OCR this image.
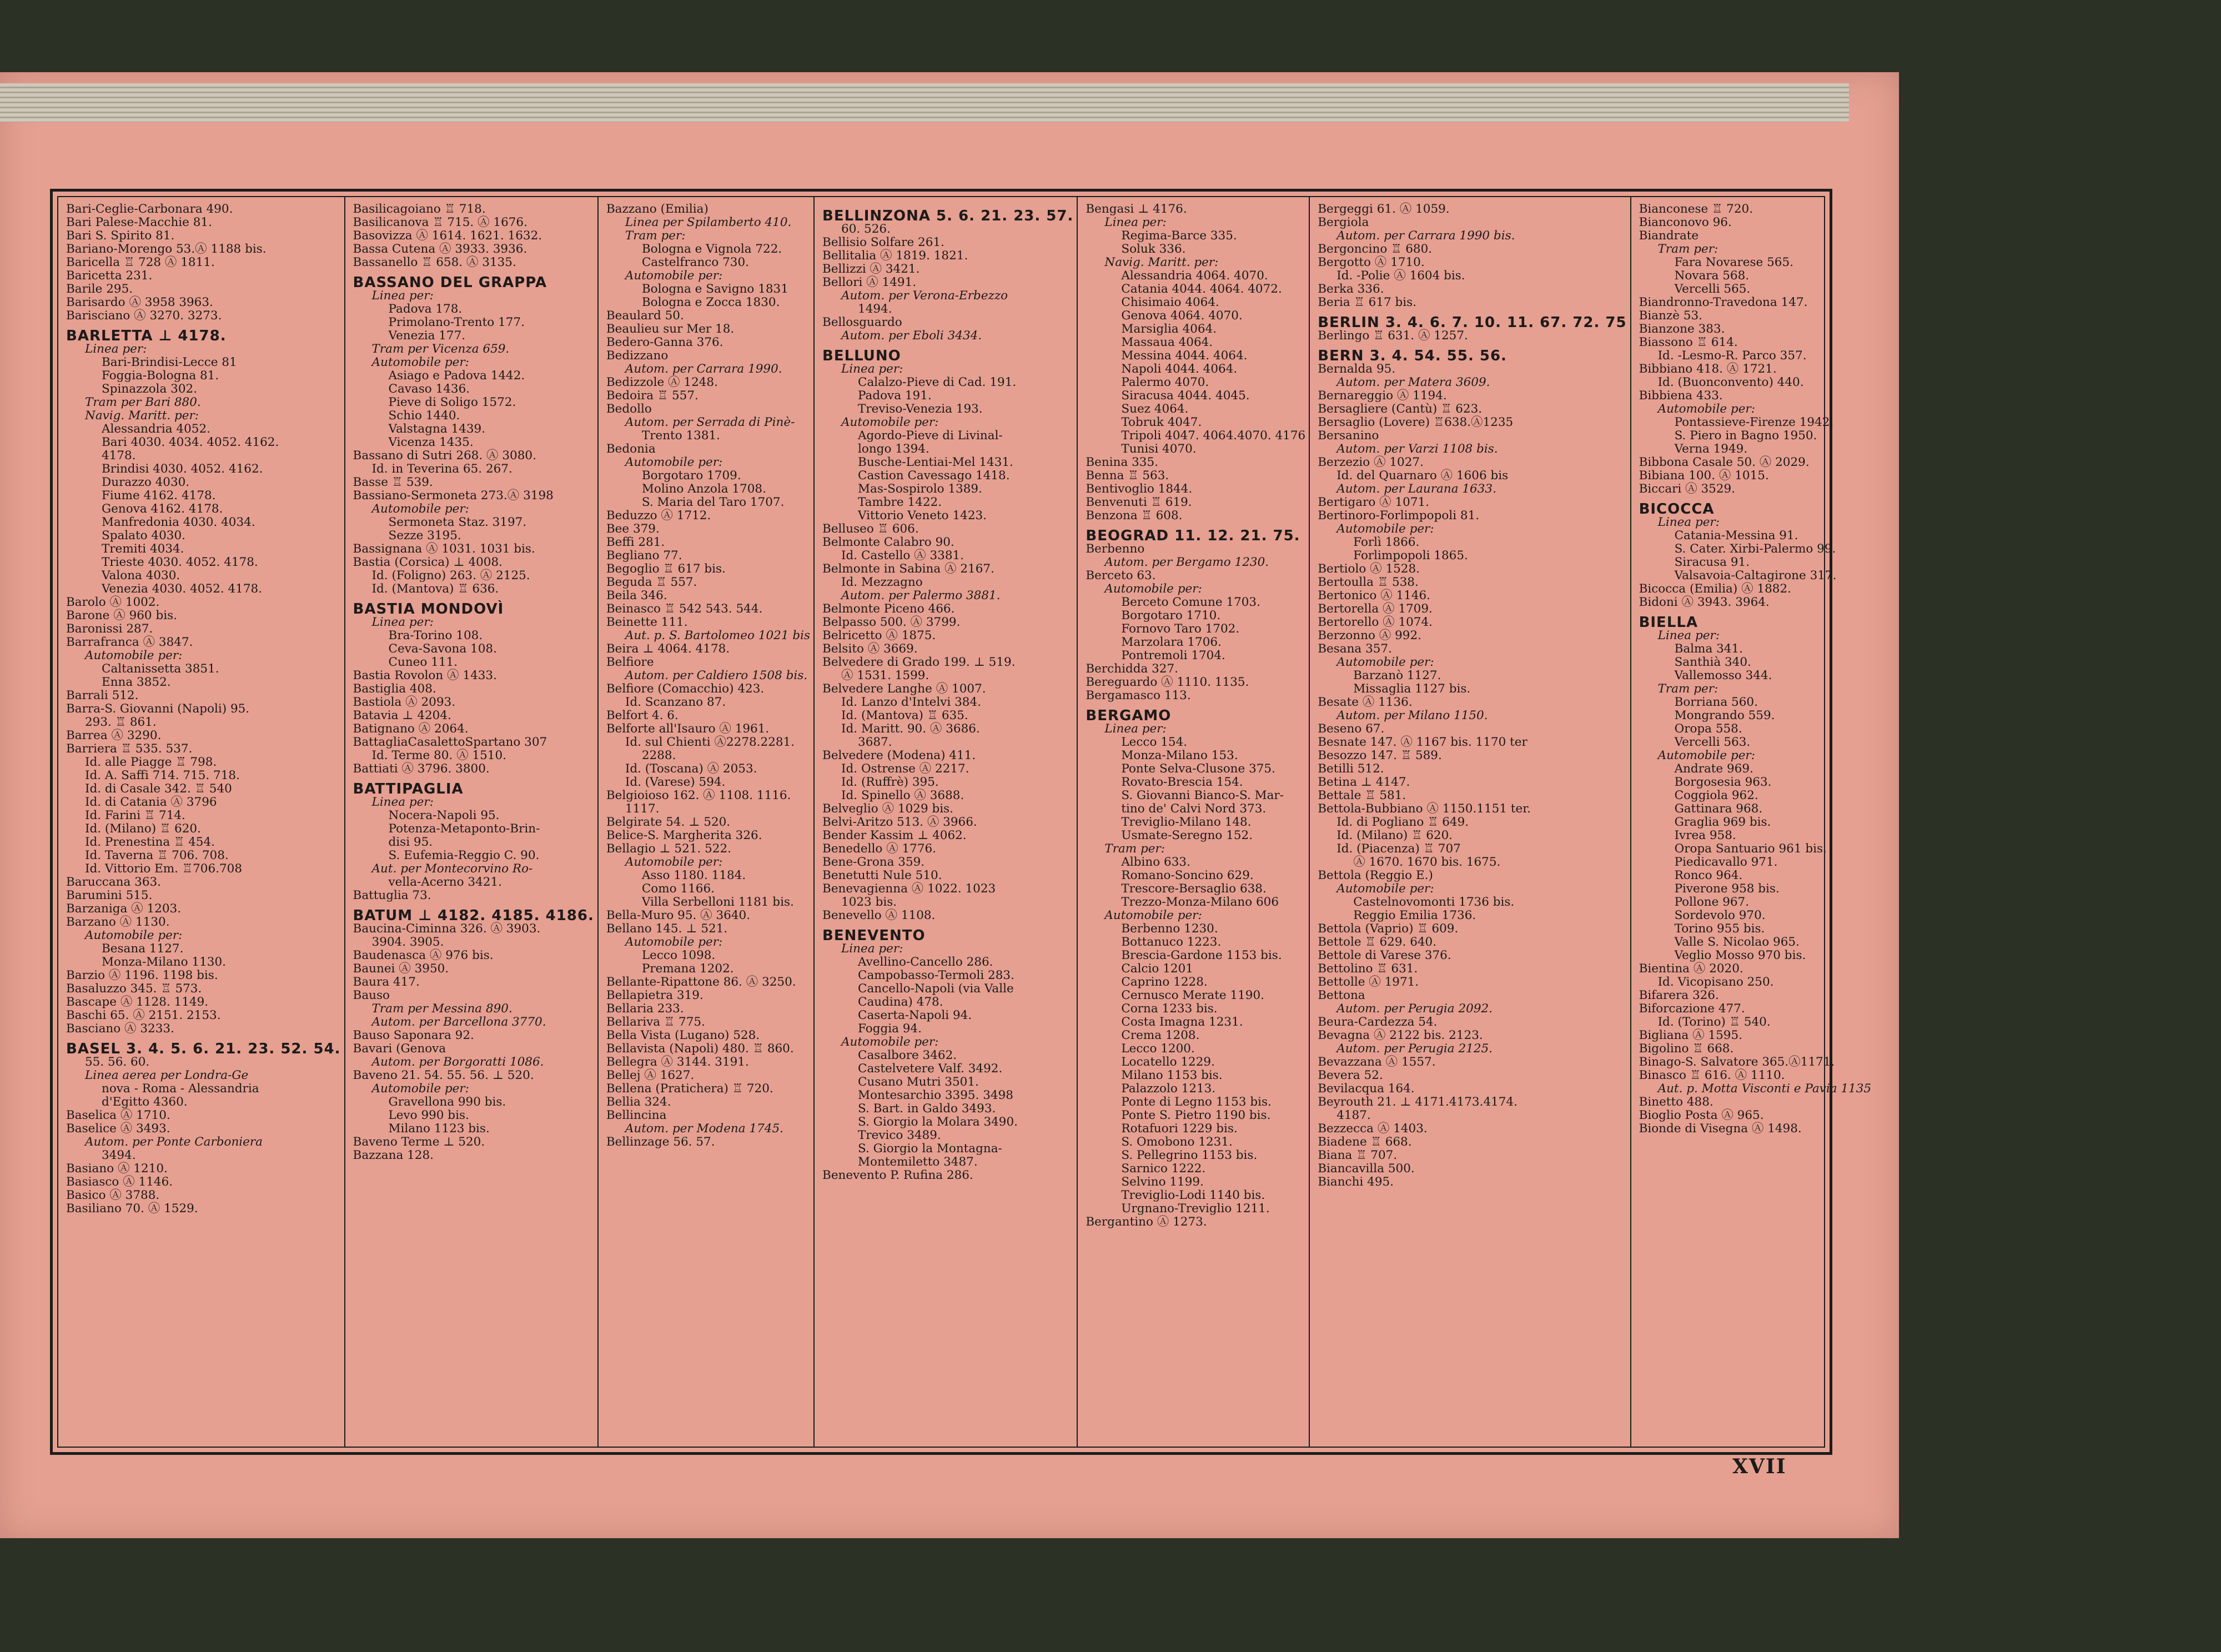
Bari-Ceglie-Carbonara 490.

Bari Palese-Macchie 81.

Bari S. Spirito 81.

Bariano-Morengo 53.Ⓐ 1188 bis.

Baricella ♖ 728 Ⓐ 1811.

Baricetta 231.

Barile 295.

Barisardo Ⓐ 3958 3963.

Barisciano Ⓐ 3270. 3273.

BARLETTA ⊥ 4178.

Linea per:

Bari-Brindisi-Lecce 81

Foggia-Bologna 81.

Spinazzola 302.

Tram per Bari 880.

Navig. Maritt. per:

Alessandria 4052.

Bari 4030. 4034. 4052. 4162.

4178.

Brindisi 4030. 4052. 4162.

Durazzo 4030.

Fiume 4162. 4178.

Genova 4162. 4178.

Manfredonia 4030. 4034.

Spalato 4030.

Tremiti 4034.

Trieste 4030. 4052. 4178.

Valona 4030.

Venezia 4030. 4052. 4178.

Barolo Ⓐ 1002.

Barone Ⓐ 960 bis.

Baronissi 287.

Barrafranca Ⓐ 3847.

Automobile per:

Caltanissetta 3851.

Enna 3852.

Barrali 512.

Barra-S. Giovanni (Napoli) 95.

293. ♖ 861.

Barrea Ⓐ 3290.

Barriera ♖ 535. 537.

Id. alle Piagge ♖ 798.

Id. A. Saffi 714. 715. 718.

Id. di Casale 342. ♖ 540

Id. di Catania Ⓐ 3796

Id. Farini ♖ 714.

Id. (Milano) ♖ 620.

Id. Prenestina ♖ 454.

Id. Taverna ♖ 706. 708.

Id. Vittorio Em. ♖706.708

Baruccana 363.

Barumini 515.

Barzaniga Ⓐ 1203.

Barzano Ⓐ 1130.

Automobile per:

Besana 1127.

Monza-Milano 1130.

Barzio Ⓐ 1196. 1198 bis.

Basaluzzo 345. ♖ 573.

Bascape Ⓐ 1128. 1149.

Baschi 65. Ⓐ 2151. 2153.

Basciano Ⓐ 3233.

BASEL 3. 4. 5. 6. 21. 23. 52. 54.

55. 56. 60.

Linea aerea per Londra-Ge

nova - Roma - Alessandria

d'Egitto 4360.

Baselica Ⓐ 1710.

Baselice Ⓐ 3493.

Autom. per Ponte Carboniera

3494.

Basiano Ⓐ 1210.

Basiasco Ⓐ 1146.

Basico Ⓐ 3788.

Basiliano 70. Ⓐ 1529.

Basilicagoiano ♖ 718.

Basilicanova ♖ 715. Ⓐ 1676.

Basovizza Ⓐ 1614. 1621. 1632.

Bassa Cutena Ⓐ 3933. 3936.

Bassanello ♖ 658. Ⓐ 3135.

BASSANO DEL GRAPPA

Linea per:

Padova 178.

Primolano-Trento 177.

Venezia 177.

Tram per Vicenza 659.

Automobile per:

Asiago e Padova 1442.

Cavaso 1436.

Pieve di Soligo 1572.

Schio 1440.

Valstagna 1439.

Vicenza 1435.

Bassano di Sutri 268. Ⓐ 3080.

Id. in Teverina 65. 267.

Basse ♖ 539.

Bassiano-Sermoneta 273.Ⓐ 3198

Automobile per:

Sermoneta Staz. 3197.

Sezze 3195.

Bassignana Ⓐ 1031. 1031 bis.

Bastia (Corsica) ⊥ 4008.

Id. (Foligno) 263. Ⓐ 2125.

Id. (Mantova) ♖ 636.

BASTIA MONDOVÌ

Linea per:

Bra-Torino 108.

Ceva-Savona 108.

Cuneo 111.

Bastia Rovolon Ⓐ 1433.

Bastiglia 408.

Bastiola Ⓐ 2093.

Batavia ⊥ 4204.

Batignano Ⓐ 2064.

BattagliaCasalettoSpartano 307

Id. Terme 80. Ⓐ 1510.

Battiati Ⓐ 3796. 3800.

BATTIPAGLIA

Linea per:

Nocera-Napoli 95.

Potenza-Metaponto-Brin-

disi 95.

S. Eufemia-Reggio C. 90.

Aut. per Montecorvino Ro-

vella-Acerno 3421.

Battuglia 73.

BATUM ⊥ 4182. 4185. 4186.

Baucina-Ciminna 326. Ⓐ 3903.

3904. 3905.

Baudenasca Ⓐ 976 bis.

Baunei Ⓐ 3950.

Baura 417.

Bauso

Tram per Messina 890.

Autom. per Barcellona 3770.

Bauso Saponara 92.

Bavari (Genova

Autom. per Borgoratti 1086.

Baveno 21. 54. 55. 56. ⊥ 520.

Automobile per:

Gravellona 990 bis.

Levo 990 bis.

Milano 1123 bis.

Baveno Terme ⊥ 520.

Bazzana 128.

Bazzano (Emilia)

Linea per Spilamberto 410.

Tram per:

Bologna e Vignola 722.

Castelfranco 730.

Automobile per:

Bologna e Savigno 1831

Bologna e Zocca 1830.

Beaulard 50.

Beaulieu sur Mer 18.

Bedero-Ganna 376.

Bedizzano

Autom. per Carrara 1990.

Bedizzole Ⓐ 1248.

Bedoira ♖ 557.

Bedollo

Autom. per Serrada di Pinè-

Trento 1381.

Bedonia

Automobile per:

Borgotaro 1709.

Molino Anzola 1708.

S. Maria del Taro 1707.

Beduzzo Ⓐ 1712.

Bee 379.

Beffi 281.

Begliano 77.

Begoglio ♖ 617 bis.

Beguda ♖ 557.

Beila 346.

Beinasco ♖ 542 543. 544.

Beinette 111.

Aut. p. S. Bartolomeo 1021 bis

Beira ⊥ 4064. 4178.

Belfiore

Autom. per Caldiero 1508 bis.

Belfiore (Comacchio) 423.

Id. Scanzano 87.

Belfort 4. 6.

Belforte all'Isauro Ⓐ 1961.

Id. sul Chienti Ⓐ2278.2281.

2288.

Id. (Toscana) Ⓐ 2053.

Id. (Varese) 594.

Belgioioso 162. Ⓐ 1108. 1116.

1117.

Belgirate 54. ⊥ 520.

Belice-S. Margherita 326.

Bellagio ⊥ 521. 522.

Automobile per:

Asso 1180. 1184.

Como 1166.

Villa Serbelloni 1181 bis.

Bella-Muro 95. Ⓐ 3640.

Bellano 145. ⊥ 521.

Automobile per:

Lecco 1098.

Premana 1202.

Bellante-Ripattone 86. Ⓐ 3250.

Bellapietra 319.

Bellaria 233.

Bellariva ♖ 775.

Bella Vista (Lugano) 528.

Bellavista (Napoli) 480. ♖ 860.

Bellegra Ⓐ 3144. 3191.

Bellej Ⓐ 1627.

Bellena (Pratichera) ♖ 720.

Bellia 324.

Bellincina

Autom. per Modena 1745.

Bellinzage 56. 57.

BELLINZONA 5. 6. 21. 23. 57.

60. 526.

Bellisio Solfare 261.

Bellitalia Ⓐ 1819. 1821.

Bellizzi Ⓐ 3421.

Bellori Ⓐ 1491.

Autom. per Verona-Erbezzo

1494.

Bellosguardo

Autom. per Eboli 3434.

BELLUNO

Linea per:

Calalzo-Pieve di Cad. 191.

Padova 191.

Treviso-Venezia 193.

Automobile per:

Agordo-Pieve di Livinal-

longo 1394.

Busche-Lentiai-Mel 1431.

Castion Cavessago 1418.

Mas-Sospirolo 1389.

Tambre 1422.

Vittorio Veneto 1423.

Belluseo ♖ 606.

Belmonte Calabro 90.

Id. Castello Ⓐ 3381.

Belmonte in Sabina Ⓐ 2167.

Id. Mezzagno

Autom. per Palermo 3881.

Belmonte Piceno 466.

Belpasso 500. Ⓐ 3799.

Belricetto Ⓐ 1875.

Belsito Ⓐ 3669.

Belvedere di Grado 199. ⊥ 519.

Ⓐ 1531. 1599.

Belvedere Langhe Ⓐ 1007.

Id. Lanzo d'Intelvi 384.

Id. (Mantova) ♖ 635.

Id. Maritt. 90. Ⓐ 3686.

3687.

Belvedere (Modena) 411.

Id. Ostrense Ⓐ 2217.

Id. (Ruffrè) 395.

Id. Spinello Ⓐ 3688.

Belveglio Ⓐ 1029 bis.

Belvi-Aritzo 513. Ⓐ 3966.

Bender Kassim ⊥ 4062.

Benedello Ⓐ 1776.

Bene-Grona 359.

Benetutti Nule 510.

Benevagienna Ⓐ 1022. 1023

1023 bis.

Benevello Ⓐ 1108.

BENEVENTO

Linea per:

Avellino-Cancello 286.

Campobasso-Termoli 283.

Cancello-Napoli (via Valle

Caudina) 478.

Caserta-Napoli 94.

Foggia 94.

Automobile per:

Casalbore 3462.

Castelvetere Valf. 3492.

Cusano Mutri 3501.

Montesarchio 3395. 3498

S. Bart. in Galdo 3493.

S. Giorgio la Molara 3490.

Trevico 3489.

S. Giorgio la Montagna-

Montemiletto 3487.

Benevento P. Rufina 286.

Bengasi ⊥ 4176.

Linea per:

Regima-Barce 335.

Soluk 336.

Navig. Maritt. per:

Alessandria 4064. 4070.

Catania 4044. 4064. 4072.

Chisimaio 4064.

Genova 4064. 4070.

Marsiglia 4064.

Massaua 4064.

Messina 4044. 4064.

Napoli 4044. 4064.

Palermo 4070.

Siracusa 4044. 4045.

Suez 4064.

Tobruk 4047.

Tripoli 4047. 4064.4070. 4176

Tunisi 4070.

Benina 335.

Benna ♖ 563.

Bentivoglio 1844.

Benvenuti ♖ 619.

Benzona ♖ 608.

BEOGRAD 11. 12. 21. 75.

Berbenno

Autom. per Bergamo 1230.

Berceto 63.

Automobile per:

Berceto Comune 1703.

Borgotaro 1710.

Fornovo Taro 1702.

Marzolara 1706.

Pontremoli 1704.

Berchidda 327.

Bereguardo Ⓐ 1110. 1135.

Bergamasco 113.

BERGAMO

Linea per:

Lecco 154.

Monza-Milano 153.

Ponte Selva-Clusone 375.

Rovato-Brescia 154.

S. Giovanni Bianco-S. Mar-

tino de' Calvi Nord 373.

Treviglio-Milano 148.

Usmate-Seregno 152.

Tram per:

Albino 633.

Romano-Soncino 629.

Trescore-Bersaglio 638.

Trezzo-Monza-Milano 606

Automobile per:

Berbenno 1230.

Bottanuco 1223.

Brescia-Gardone 1153 bis.

Calcio 1201

Caprino 1228.

Cernusco Merate 1190.

Corna 1233 bis.

Costa Imagna 1231.

Crema 1208.

Lecco 1200.

Locatello 1229.

Milano 1153 bis.

Palazzolo 1213.

Ponte di Legno 1153 bis.

Ponte S. Pietro 1190 bis.

Rotafuori 1229 bis.

S. Omobono 1231.

S. Pellegrino 1153 bis.

Sarnico 1222.

Selvino 1199.

Treviglio-Lodi 1140 bis.

Urgnano-Treviglio 1211.

Bergantino Ⓐ 1273.

Bergeggi 61. Ⓐ 1059.

Bergiola

Autom. per Carrara 1990 bis.

Bergoncino ♖ 680.

Bergotto Ⓐ 1710.

Id. -Polie Ⓐ 1604 bis.

Berka 336.

Beria ♖ 617 bis.

BERLIN 3. 4. 6. 7. 10. 11. 67. 72. 75

Berlingo ♖ 631. Ⓐ 1257.

BERN 3. 4. 54. 55. 56.

Bernalda 95.

Autom. per Matera 3609.

Bernareggio Ⓐ 1194.

Bersagliere (Cantù) ♖ 623.

Bersaglio (Lovere) ♖638.Ⓐ1235

Bersanino

Autom. per Varzi 1108 bis.

Berzezio Ⓐ 1027.

Id. del Quarnaro Ⓐ 1606 bis

Autom. per Laurana 1633.

Bertigaro Ⓐ 1071.

Bertinoro-Forlimpopoli 81.

Automobile per:

Forlì 1866.

Forlimpopoli 1865.

Bertiolo Ⓐ 1528.

Bertoulla ♖ 538.

Bertonico Ⓐ 1146.

Bertorella Ⓐ 1709.

Bertorello Ⓐ 1074.

Berzonno Ⓐ 992.

Besana 357.

Automobile per:

Barzanò 1127.

Missaglia 1127 bis.

Besate Ⓐ 1136.

Autom. per Milano 1150.

Beseno 67.

Besnate 147. Ⓐ 1167 bis. 1170 ter

Besozzo 147. ♖ 589.

Betilli 512.

Betina ⊥ 4147.

Bettale ♖ 581.

Bettola-Bubbiano Ⓐ 1150.1151 ter.

Id. di Pogliano ♖ 649.

Id. (Milano) ♖ 620.

Id. (Piacenza) ♖ 707

Ⓐ 1670. 1670 bis. 1675.

Bettola (Reggio E.)

Automobile per:

Castelnovomonti 1736 bis.

Reggio Emilia 1736.

Bettola (Vaprio) ♖ 609.

Bettole ♖ 629. 640.

Bettole di Varese 376.

Bettolino ♖ 631.

Bettolle Ⓐ 1971.

Bettona

Autom. per Perugia 2092.

Beura-Cardezza 54.

Bevagna Ⓐ 2122 bis. 2123.

Autom. per Perugia 2125.

Bevazzana Ⓐ 1557.

Bevera 52.

Bevilacqua 164.

Beyrouth 21. ⊥ 4171.4173.4174.

4187.

Bezzecca Ⓐ 1403.

Biadene ♖ 668.

Biana ♖ 707.

Biancavilla 500.

Bianchi 495.

Bianconese ♖ 720.

Bianconovo 96.

Biandrate

Tram per:

Fara Novarese 565.

Novara 568.

Vercelli 565.

Biandronno-Travedona 147.

Bianzè 53.

Bianzone 383.

Biassono ♖ 614.

Id. -Lesmo-R. Parco 357.

Bibbiano 418. Ⓐ 1721.

Id. (Buonconvento) 440.

Bibbiena 433.

Automobile per:

Pontassieve-Firenze 1942.

S. Piero in Bagno 1950.

Verna 1949.

Bibbona Casale 50. Ⓐ 2029.

Bibiana 100. Ⓐ 1015.

Biccari Ⓐ 3529.

BICOCCA

Linea per:

Catania-Messina 91.

S. Cater. Xirbi-Palermo 99.

Siracusa 91.

Valsavoia-Caltagirone 317.

Bicocca (Emilia) Ⓐ 1882.

Bidoni Ⓐ 3943. 3964.

BIELLA

Linea per:

Balma 341.

Santhià 340.

Vallemosso 344.

Tram per:

Borriana 560.

Mongrando 559.

Oropa 558.

Vercelli 563.

Automobile per:

Andrate 969.

Borgosesia 963.

Coggiola 962.

Gattinara 968.

Graglia 969 bis.

Ivrea 958.

Oropa Santuario 961 bis.

Piedicavallo 971.

Ronco 964.

Piverone 958 bis.

Pollone 967.

Sordevolo 970.

Torino 955 bis.

Valle S. Nicolao 965.

Veglio Mosso 970 bis.

Bientina Ⓐ 2020.

Id. Vicopisano 250.

Bifarera 326.

Biforcazione 477.

Id. (Torino) ♖ 540.

Bigliana Ⓐ 1595.

Bigolino ♖ 668.

Binago-S. Salvatore 365.Ⓐ1171.

Binasco ♖ 616. Ⓐ 1110.

Aut. p. Motta Visconti e Pavia 1135

Binetto 488.

Bioglio Posta Ⓐ 965.

Bionde di Visegna Ⓐ 1498.

XVII
